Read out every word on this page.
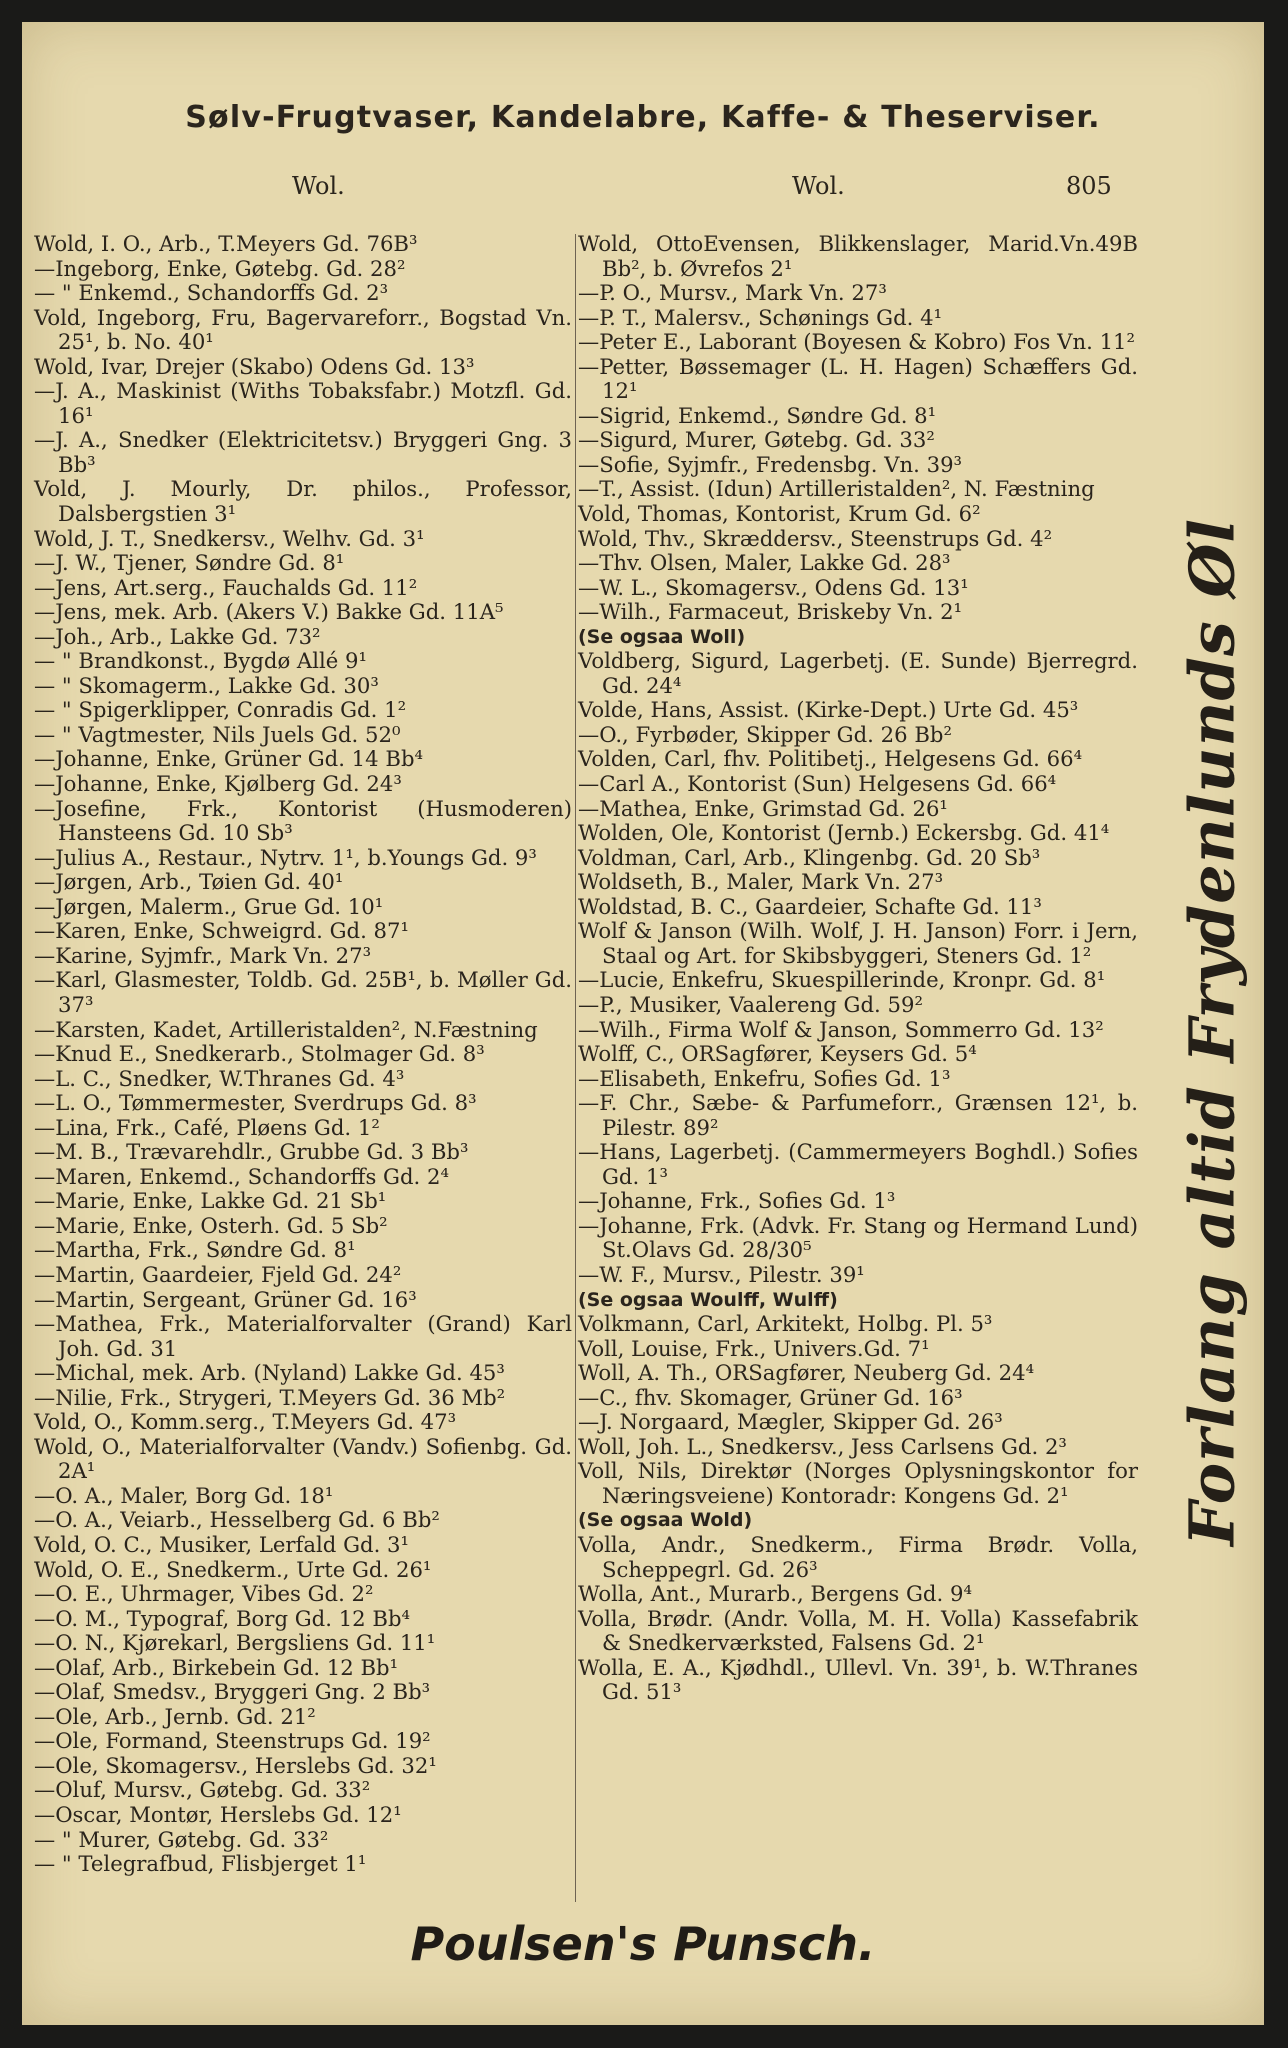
Sølv-Frugtvaser, Kandelabre, Kaffe- & Theserviser.
Wol.	Wol.	805
Wold, I. O., Arb., T.Meyers Gd. 76B³
—Ingeborg, Enke, Gøtebg. Gd. 28²
— " Enkemd., Schandorffs Gd. 2³
Vold, Ingeborg, Fru, Bagervareforr., Bogstad Vn. 25¹, b. No. 40¹
Wold, Ivar, Drejer (Skabo) Odens Gd. 13³
—J. A., Maskinist (Withs Tobaksfabr.) Motzfl. Gd. 16¹
—J. A., Snedker (Elektricitetsv.) Bryggeri Gng. 3 Bb³
Vold, J. Mourly, Dr. philos., Professor, Dalsbergstien 3¹
Wold, J. T., Snedkersv., Welhv. Gd. 3¹
—J. W., Tjener, Søndre Gd. 8¹
—Jens, Art.serg., Fauchalds Gd. 11²
—Jens, mek. Arb. (Akers V.) Bakke Gd. 11A⁵
—Joh., Arb., Lakke Gd. 73²
— " Brandkonst., Bygdø Allé 9¹
— " Skomagerm., Lakke Gd. 30³
— " Spigerklipper, Conradis Gd. 1²
— " Vagtmester, Nils Juels Gd. 52⁰
—Johanne, Enke, Grüner Gd. 14 Bb⁴
—Johanne, Enke, Kjølberg Gd. 24³
—Josefine, Frk., Kontorist (Husmoderen) Hansteens Gd. 10 Sb³
—Julius A., Restaur., Nytrv. 1¹, b.Youngs Gd. 9³
—Jørgen, Arb., Tøien Gd. 40¹
—Jørgen, Malerm., Grue Gd. 10¹
—Karen, Enke, Schweigrd. Gd. 87¹
—Karine, Syjmfr., Mark Vn. 27³
—Karl, Glasmester, Toldb. Gd. 25B¹, b. Møller Gd. 37³
—Karsten, Kadet, Artilleristalden², N.Fæstning
—Knud E., Snedkerarb., Stolmager Gd. 8³
—L. C., Snedker, W.Thranes Gd. 4³
—L. O., Tømmermester, Sverdrups Gd. 8³
—Lina, Frk., Café, Pløens Gd. 1²
—M. B., Trævarehdlr., Grubbe Gd. 3 Bb³
—Maren, Enkemd., Schandorffs Gd. 2⁴
—Marie, Enke, Lakke Gd. 21 Sb¹
—Marie, Enke, Osterh. Gd. 5 Sb²
—Martha, Frk., Søndre Gd. 8¹
—Martin, Gaardeier, Fjeld Gd. 24²
—Martin, Sergeant, Grüner Gd. 16³
—Mathea, Frk., Materialforvalter (Grand) Karl Joh. Gd. 31
—Michal, mek. Arb. (Nyland) Lakke Gd. 45³
—Nilie, Frk., Strygeri, T.Meyers Gd. 36 Mb²
Vold, O., Komm.serg., T.Meyers Gd. 47³
Wold, O., Materialforvalter (Vandv.) Sofienbg. Gd. 2A¹
—O. A., Maler, Borg Gd. 18¹
—O. A., Veiarb., Hesselberg Gd. 6 Bb²
Vold, O. C., Musiker, Lerfald Gd. 3¹
Wold, O. E., Snedkerm., Urte Gd. 26¹
—O. E., Uhrmager, Vibes Gd. 2²
—O. M., Typograf, Borg Gd. 12 Bb⁴
—O. N., Kjørekarl, Bergsliens Gd. 11¹
—Olaf, Arb., Birkebein Gd. 12 Bb¹
—Olaf, Smedsv., Bryggeri Gng. 2 Bb³
—Ole, Arb., Jernb. Gd. 21²
—Ole, Formand, Steenstrups Gd. 19²
—Ole, Skomagersv., Herslebs Gd. 32¹
—Oluf, Mursv., Gøtebg. Gd. 33²
—Oscar, Montør, Herslebs Gd. 12¹
— " Murer, Gøtebg. Gd. 33²
— " Telegrafbud, Flisbjerget 1¹
Wold, OttoEvensen, Blikkenslager, Marid.Vn.49B Bb², b. Øvrefos 2¹
—P. O., Mursv., Mark Vn. 27³
—P. T., Malersv., Schønings Gd. 4¹
—Peter E., Laborant (Boyesen & Kobro) Fos Vn. 11²
—Petter, Bøssemager (L. H. Hagen) Schæffers Gd. 12¹
—Sigrid, Enkemd., Søndre Gd. 8¹
—Sigurd, Murer, Gøtebg. Gd. 33²
—Sofie, Syjmfr., Fredensbg. Vn. 39³
—T., Assist. (Idun) Artilleristalden², N. Fæstning
Vold, Thomas, Kontorist, Krum Gd. 6²
Wold, Thv., Skræddersv., Steenstrups Gd. 4²
—Thv. Olsen, Maler, Lakke Gd. 28³
—W. L., Skomagersv., Odens Gd. 13¹
—Wilh., Farmaceut, Briskeby Vn. 2¹
(Se ogsaa Woll)
Voldberg, Sigurd, Lagerbetj. (E. Sunde) Bjerregrd. Gd. 24⁴
Volde, Hans, Assist. (Kirke-Dept.) Urte Gd. 45³
—O., Fyrbøder, Skipper Gd. 26 Bb²
Volden, Carl, fhv. Politibetj., Helgesens Gd. 66⁴
—Carl A., Kontorist (Sun) Helgesens Gd. 66⁴
—Mathea, Enke, Grimstad Gd. 26¹
Wolden, Ole, Kontorist (Jernb.) Eckersbg. Gd. 41⁴
Voldman, Carl, Arb., Klingenbg. Gd. 20 Sb³
Woldseth, B., Maler, Mark Vn. 27³
Woldstad, B. C., Gaardeier, Schafte Gd. 11³
Wolf & Janson (Wilh. Wolf, J. H. Janson) Forr. i Jern, Staal og Art. for Skibsbyggeri, Steners Gd. 1²
—Lucie, Enkefru, Skuespillerinde, Kronpr. Gd. 8¹
—P., Musiker, Vaalereng Gd. 59²
—Wilh., Firma Wolf & Janson, Sommerro Gd. 13²
Wolff, C., ORSagfører, Keysers Gd. 5⁴
—Elisabeth, Enkefru, Sofies Gd. 1³
—F. Chr., Sæbe- & Parfumeforr., Grænsen 12¹, b. Pilestr. 89²
—Hans, Lagerbetj. (Cammermeyers Boghdl.) Sofies Gd. 1³
—Johanne, Frk., Sofies Gd. 1³
—Johanne, Frk. (Advk. Fr. Stang og Hermand Lund) St.Olavs Gd. 28/30⁵
—W. F., Mursv., Pilestr. 39¹
(Se ogsaa Woulff, Wulff)
Volkmann, Carl, Arkitekt, Holbg. Pl. 5³
Voll, Louise, Frk., Univers.Gd. 7¹
Woll, A. Th., ORSagfører, Neuberg Gd. 24⁴
—C., fhv. Skomager, Grüner Gd. 16³
—J. Norgaard, Mægler, Skipper Gd. 26³
Woll, Joh. L., Snedkersv., Jess Carlsens Gd. 2³
Voll, Nils, Direktør (Norges Oplysningskontor for Næringsveiene) Kontoradr: Kongens Gd. 2¹
(Se ogsaa Wold)
Volla, Andr., Snedkerm., Firma Brødr. Volla, Scheppegrl. Gd. 26³
Wolla, Ant., Murarb., Bergens Gd. 9⁴
Volla, Brødr. (Andr. Volla, M. H. Volla) Kassefabrik & Snedkerværksted, Falsens Gd. 2¹
Wolla, E. A., Kjødhdl., Ullevl. Vn. 39¹, b. W.Thranes Gd. 51³
Forlang altid Frydenlunds Øl
Poulsen's Punsch.
